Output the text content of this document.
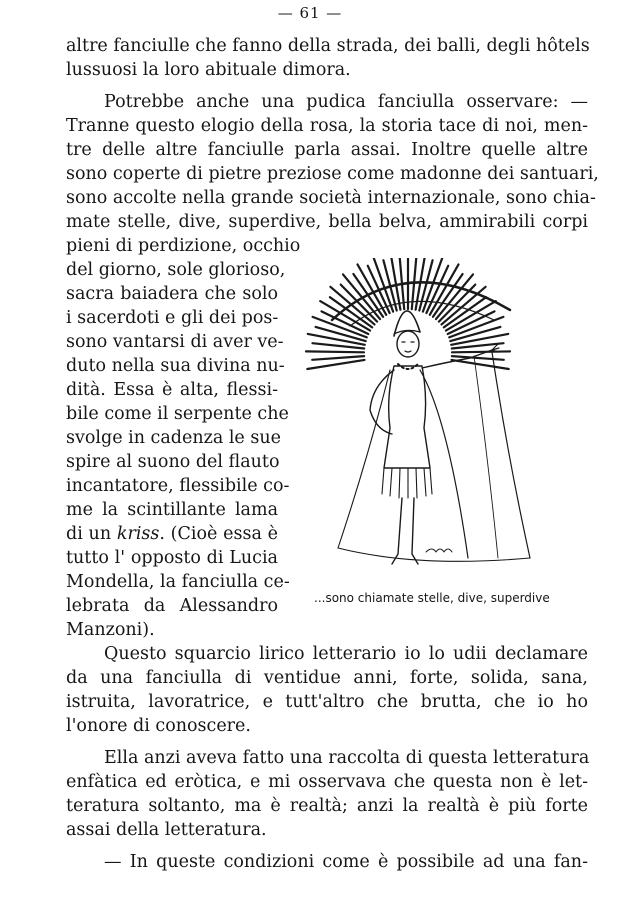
— 61 —
altre fanciulle che fanno della strada, dei balli, degli hôtels
lussuosi la loro abituale dimora.
Potrebbe anche una pudica fanciulla osservare: —
Tranne questo elogio della rosa, la storia tace di noi, men-
tre delle altre fanciulle parla assai. Inoltre quelle altre
sono coperte di pietre preziose come madonne dei santuari,
sono accolte nella grande società internazionale, sono chia-
mate stelle, dive, superdive, bella belva, ammirabili corpi
pieni di perdizione, occhio
del giorno, sole glorioso,
sacra baiadera che solo
i sacerdoti e gli dei pos-
sono vantarsi di aver ve-
duto nella sua divina nu-
dità. Essa è alta, flessi-
bile come il serpente che
svolge in cadenza le sue
spire al suono del flauto
incantatore, flessibile co-
me la scintillante lama
di un kriss. (Cioè essa è
tutto l' opposto di Lucia
Mondella, la fanciulla ce-
lebrata da Alessandro
Manzoni).
...sono chiamate stelle, dive, superdive
Questo squarcio lirico letterario io lo udii declamare
da una fanciulla di ventidue anni, forte, solida, sana,
istruita, lavoratrice, e tutt'altro che brutta, che io ho
l'onore di conoscere.
Ella anzi aveva fatto una raccolta di questa letteratura
enfàtica ed eròtica, e mi osservava che questa non è let-
teratura soltanto, ma è realtà; anzi la realtà è più forte
assai della letteratura.
— In queste condizioni come è possibile ad una fan-
